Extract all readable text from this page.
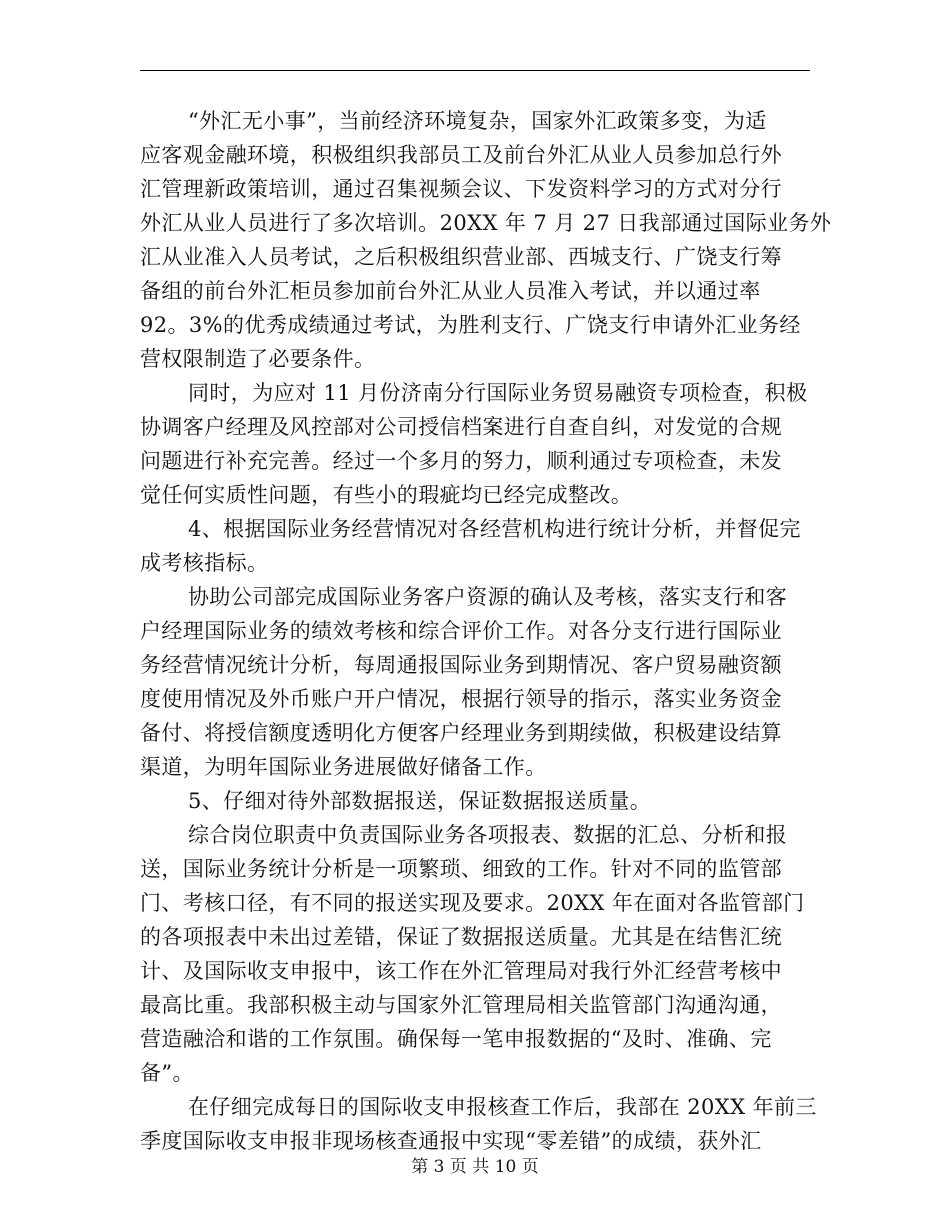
“外汇无小事”，当前经济环境复杂，国家外汇政策多变，为适
应客观金融环境，积极组织我部员工及前台外汇从业人员参加总行外
汇管理新政策培训，通过召集视频会议、下发资料学习的方式对分行
外汇从业人员进行了多次培训。20XX 年 7 月 27 日我部通过国际业务外
汇从业准入人员考试，之后积极组织营业部、西城支行、广饶支行筹
备组的前台外汇柜员参加前台外汇从业人员准入考试，并以通过率
92。3%的优秀成绩通过考试，为胜利支行、广饶支行申请外汇业务经
营权限制造了必要条件。
同时，为应对 11 月份济南分行国际业务贸易融资专项检查，积极
协调客户经理及风控部对公司授信档案进行自查自纠，对发觉的合规
问题进行补充完善。经过一个多月的努力，顺利通过专项检查，未发
觉任何实质性问题，有些小的瑕疵均已经完成整改。
4、根据国际业务经营情况对各经营机构进行统计分析，并督促完
成考核指标。
协助公司部完成国际业务客户资源的确认及考核，落实支行和客
户经理国际业务的绩效考核和综合评价工作。对各分支行进行国际业
务经营情况统计分析，每周通报国际业务到期情况、客户贸易融资额
度使用情况及外币账户开户情况，根据行领导的指示，落实业务资金
备付、将授信额度透明化方便客户经理业务到期续做，积极建设结算
渠道，为明年国际业务进展做好储备工作。
5、仔细对待外部数据报送，保证数据报送质量。
综合岗位职责中负责国际业务各项报表、数据的汇总、分析和报
送，国际业务统计分析是一项繁琐、细致的工作。针对不同的监管部
门、考核口径，有不同的报送实现及要求。20XX 年在面对各监管部门
的各项报表中未出过差错，保证了数据报送质量。尤其是在结售汇统
计、及国际收支申报中，该工作在外汇管理局对我行外汇经营考核中
最高比重。我部积极主动与国家外汇管理局相关监管部门沟通沟通，
营造融洽和谐的工作氛围。确保每一笔申报数据的“及时、准确、完
备”。
在仔细完成每日的国际收支申报核查工作后，我部在 20XX 年前三
季度国际收支申报非现场核查通报中实现“零差错”的成绩，获外汇
第 3 页 共 10 页
